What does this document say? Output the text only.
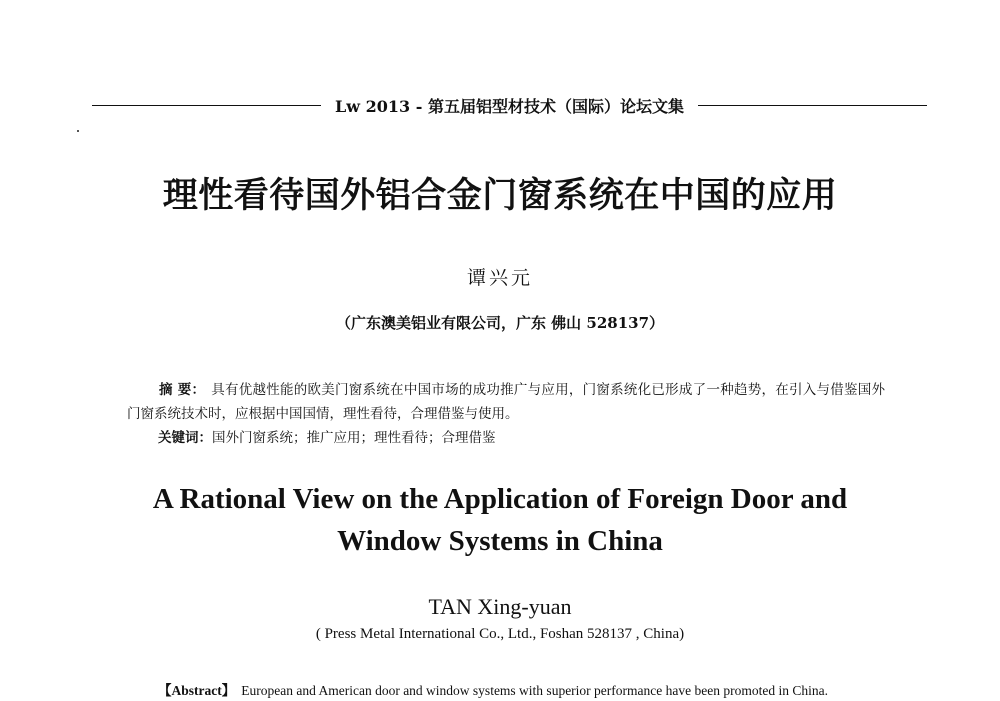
Lw 2013 - 第五届铝型材技术（国际）论坛文集
理性看待国外铝合金门窗系统在中国的应用
谭兴元
（广东澳美铝业有限公司，广东 佛山 528137）
摘 要： 具有优越性能的欧美门窗系统在中国市场的成功推广与应用，门窗系统化已形成了一种趋势，在引入与借鉴国外门窗系统技术时，应根据中国国情，理性看待，合理借鉴与使用。
关键词：国外门窗系统；推广应用；理性看待；合理借鉴
A Rational View on the Application of Foreign Door and
Window Systems in China
TAN Xing-yuan
( Press Metal International Co., Ltd., Foshan 528137 , China)
【Abstract】 European and American door and window systems with superior performance have been promoted in China.
